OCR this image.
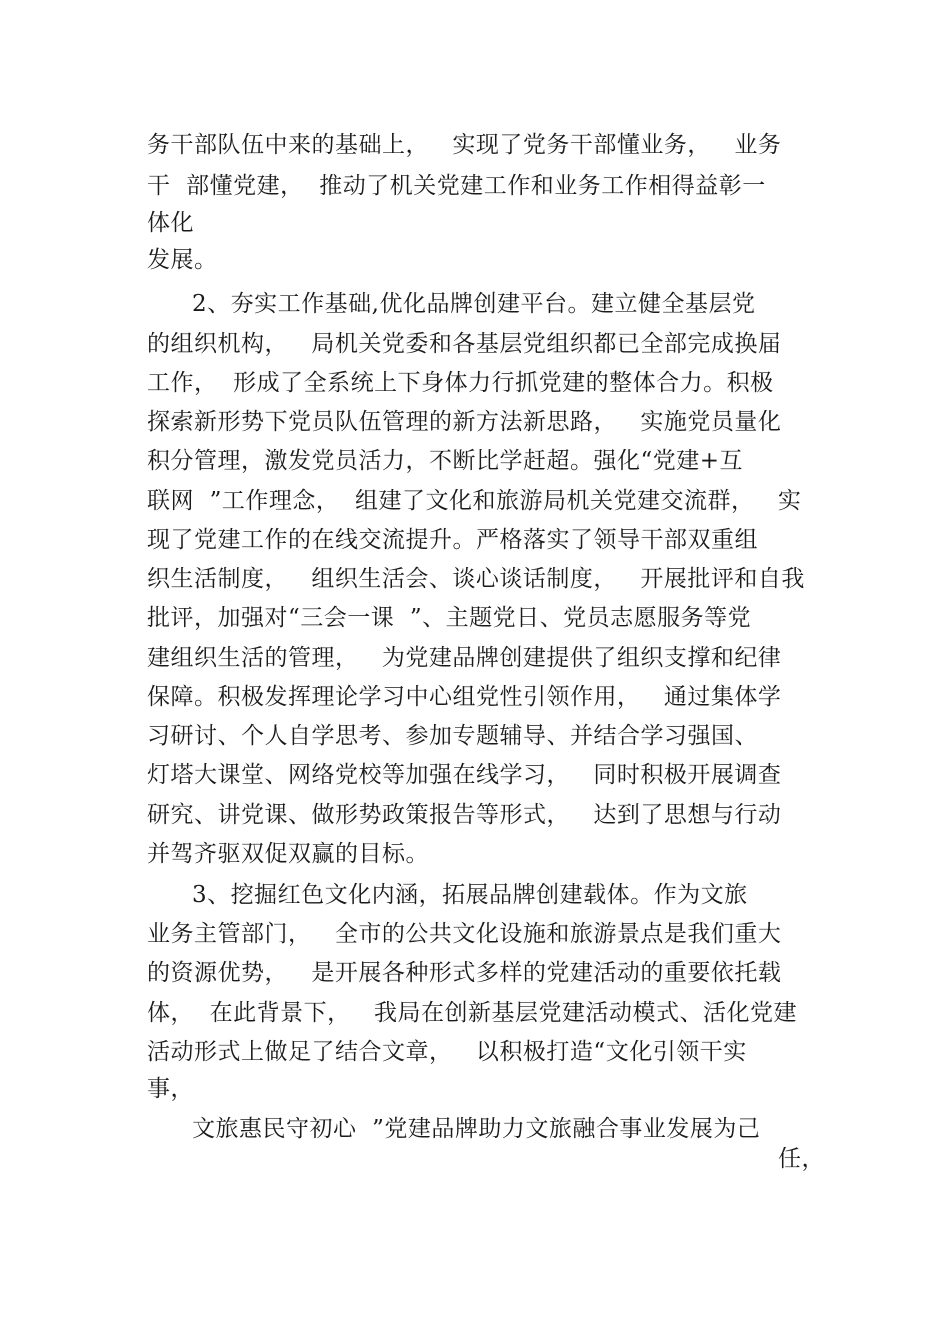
务干部队伍中来的基础上，   实现了党务干部懂业务，   业务
干  部懂党建，  推动了机关党建工作和业务工作相得益彰一
体化
发展。
2、夯实工作基础,优化品牌创建平台。建立健全基层党
的组织机构，   局机关党委和各基层党组织都已全部完成换届
工作，  形成了全系统上下身体力行抓党建的整体合力。积极
探索新形势下党员队伍管理的新方法新思路，   实施党员量化
积分管理，激发党员活力，不断比学赶超。强化“党建+互
联网  ”工作理念，  组建了文化和旅游局机关党建交流群，   实
现了党建工作的在线交流提升。严格落实了领导干部双重组
织生活制度，   组织生活会、谈心谈话制度，   开展批评和自我
批评，加强对“三会一课  ”、主题党日、党员志愿服务等党
建组织生活的管理，   为党建品牌创建提供了组织支撑和纪律
保障。积极发挥理论学习中心组党性引领作用，   通过集体学
习研讨、个人自学思考、参加专题辅导、并结合学习强国、
灯塔大课堂、网络党校等加强在线学习，   同时积极开展调查
研究、讲党课、做形势政策报告等形式，   达到了思想与行动
并驾齐驱双促双赢的目标。
3、挖掘红色文化内涵，拓展品牌创建载体。作为文旅
业务主管部门，   全市的公共文化设施和旅游景点是我们重大
的资源优势，   是开展各种形式多样的党建活动的重要依托载
体，  在此背景下，   我局在创新基层党建活动模式、活化党建
活动形式上做足了结合文章，   以积极打造“文化引领干实
事，
文旅惠民守初心  ”党建品牌助力文旅融合事业发展为己
任，
